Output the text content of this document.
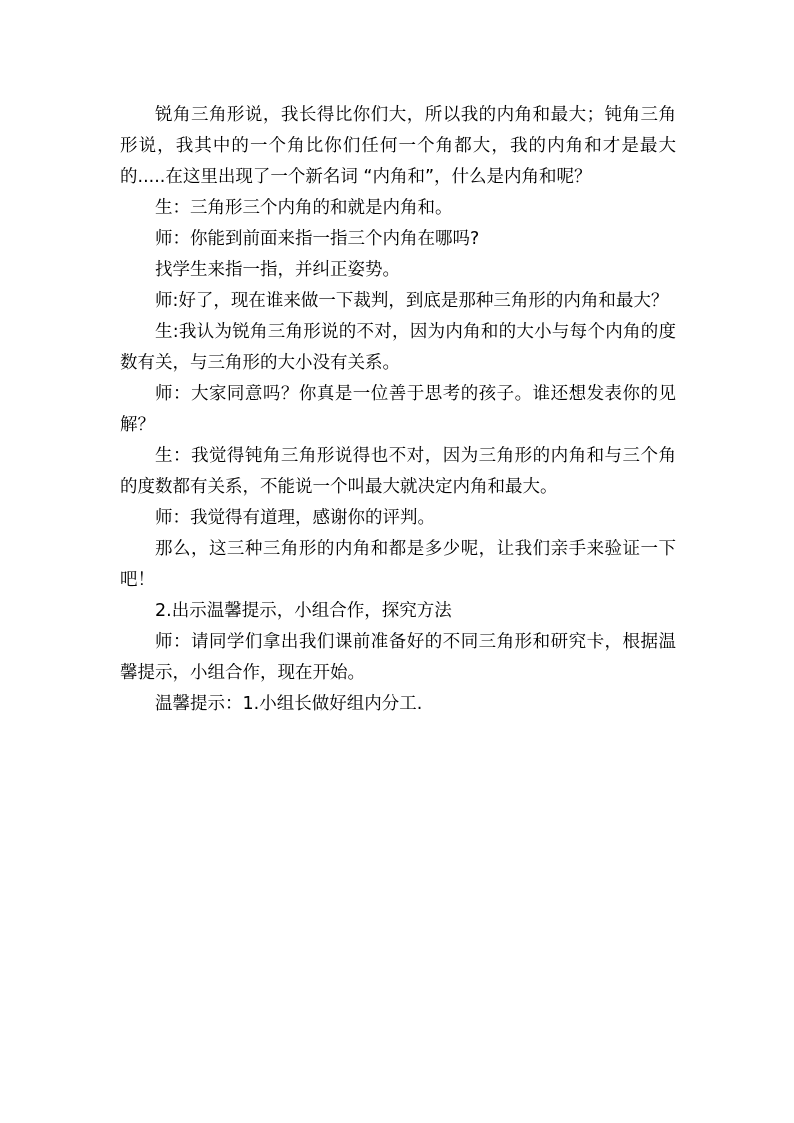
锐角三角形说，我长得比你们大，所以我的内角和最大；钝角三角形说，我其中的一个角比你们任何一个角都大，我的内角和才是最大的.....在这里出现了一个新名词 “内角和”，什么是内角和呢？

生：三角形三个内角的和就是内角和。

师：你能到前面来指一指三个内角在哪吗?

找学生来指一指，并纠正姿势。

师:好了，现在谁来做一下裁判，到底是那种三角形的内角和最大？

生:我认为锐角三角形说的不对，因为内角和的大小与每个内角的度数有关，与三角形的大小没有关系。

师：大家同意吗？你真是一位善于思考的孩子。谁还想发表你的见解？

生：我觉得钝角三角形说得也不对，因为三角形的内角和与三个角的度数都有关系，不能说一个叫最大就决定内角和最大。

师：我觉得有道理，感谢你的评判。

那么，这三种三角形的内角和都是多少呢，让我们亲手来验证一下吧！

2.出示温馨提示，小组合作，探究方法

师：请同学们拿出我们课前准备好的不同三角形和研究卡，根据温馨提示，小组合作，现在开始。

温馨提示：1.小组长做好组内分工.
